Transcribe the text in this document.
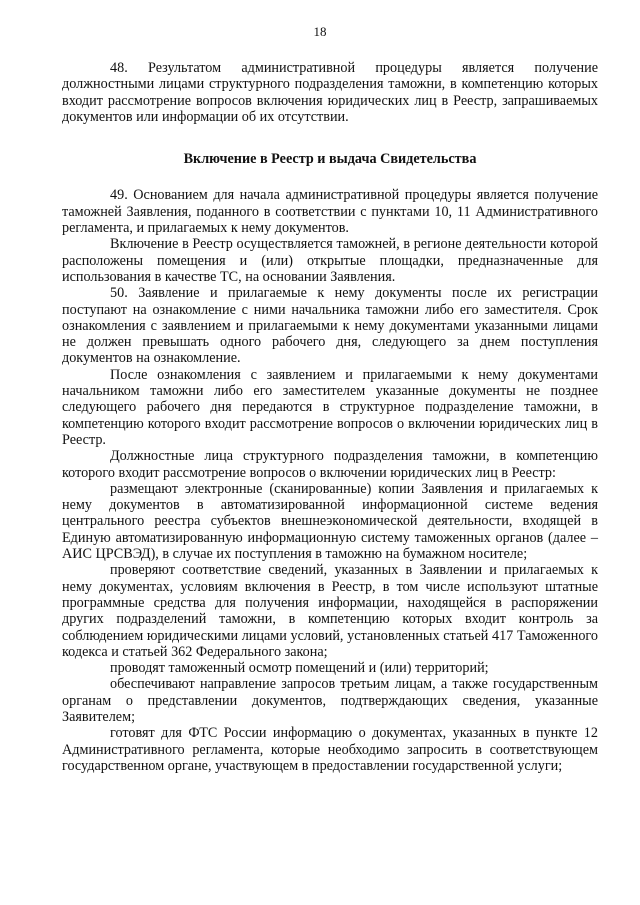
18

48. Результатом административной процедуры является получение должностными лицами структурного подразделения таможни, в компетенцию которых входит рассмотрение вопросов включения юридических лиц в Реестр, запрашиваемых документов или информации об их отсутствии.

Включение в Реестр и выдача Свидетельства

49. Основанием для начала административной процедуры является получение таможней Заявления, поданного в соответствии с пунктами 10, 11 Административного регламента, и прилагаемых к нему документов.

Включение в Реестр осуществляется таможней, в регионе деятельности которой расположены помещения и (или) открытые площадки, предназначенные для использования в качестве ТС, на основании Заявления.

50. Заявление и прилагаемые к нему документы после их регистрации поступают на ознакомление с ними начальника таможни либо его заместителя. Срок ознакомления с заявлением и прилагаемыми к нему документами указанными лицами не должен превышать одного рабочего дня, следующего за днем поступления документов на ознакомление.

После ознакомления с заявлением и прилагаемыми к нему документами начальником таможни либо его заместителем указанные документы не позднее следующего рабочего дня передаются в структурное подразделение таможни, в компетенцию которого входит рассмотрение вопросов о включении юридических лиц в Реестр.

Должностные лица структурного подразделения таможни, в компетенцию которого входит рассмотрение вопросов о включении юридических лиц в Реестр:

размещают электронные (сканированные) копии Заявления и прилагаемых к нему документов в автоматизированной информационной системе ведения центрального реестра субъектов внешнеэкономической деятельности, входящей в Единую автоматизированную информационную систему таможенных органов (далее – АИС ЦРСВЭД), в случае их поступления в таможню на бумажном носителе;

проверяют соответствие сведений, указанных в Заявлении и прилагаемых к нему документах, условиям включения в Реестр, в том числе используют штатные программные средства для получения информации, находящейся в распоряжении других подразделений таможни, в компетенцию которых входит контроль за соблюдением юридическими лицами условий, установленных статьей 417 Таможенного кодекса и статьей 362 Федерального закона;

проводят таможенный осмотр помещений и (или) территорий;

обеспечивают направление запросов третьим лицам, а также государственным органам о представлении документов, подтверждающих сведения, указанные Заявителем;

готовят для ФТС России информацию о документах, указанных в пункте 12 Административного регламента, которые необходимо запросить в соответствующем государственном органе, участвующем в предоставлении государственной услуги;
